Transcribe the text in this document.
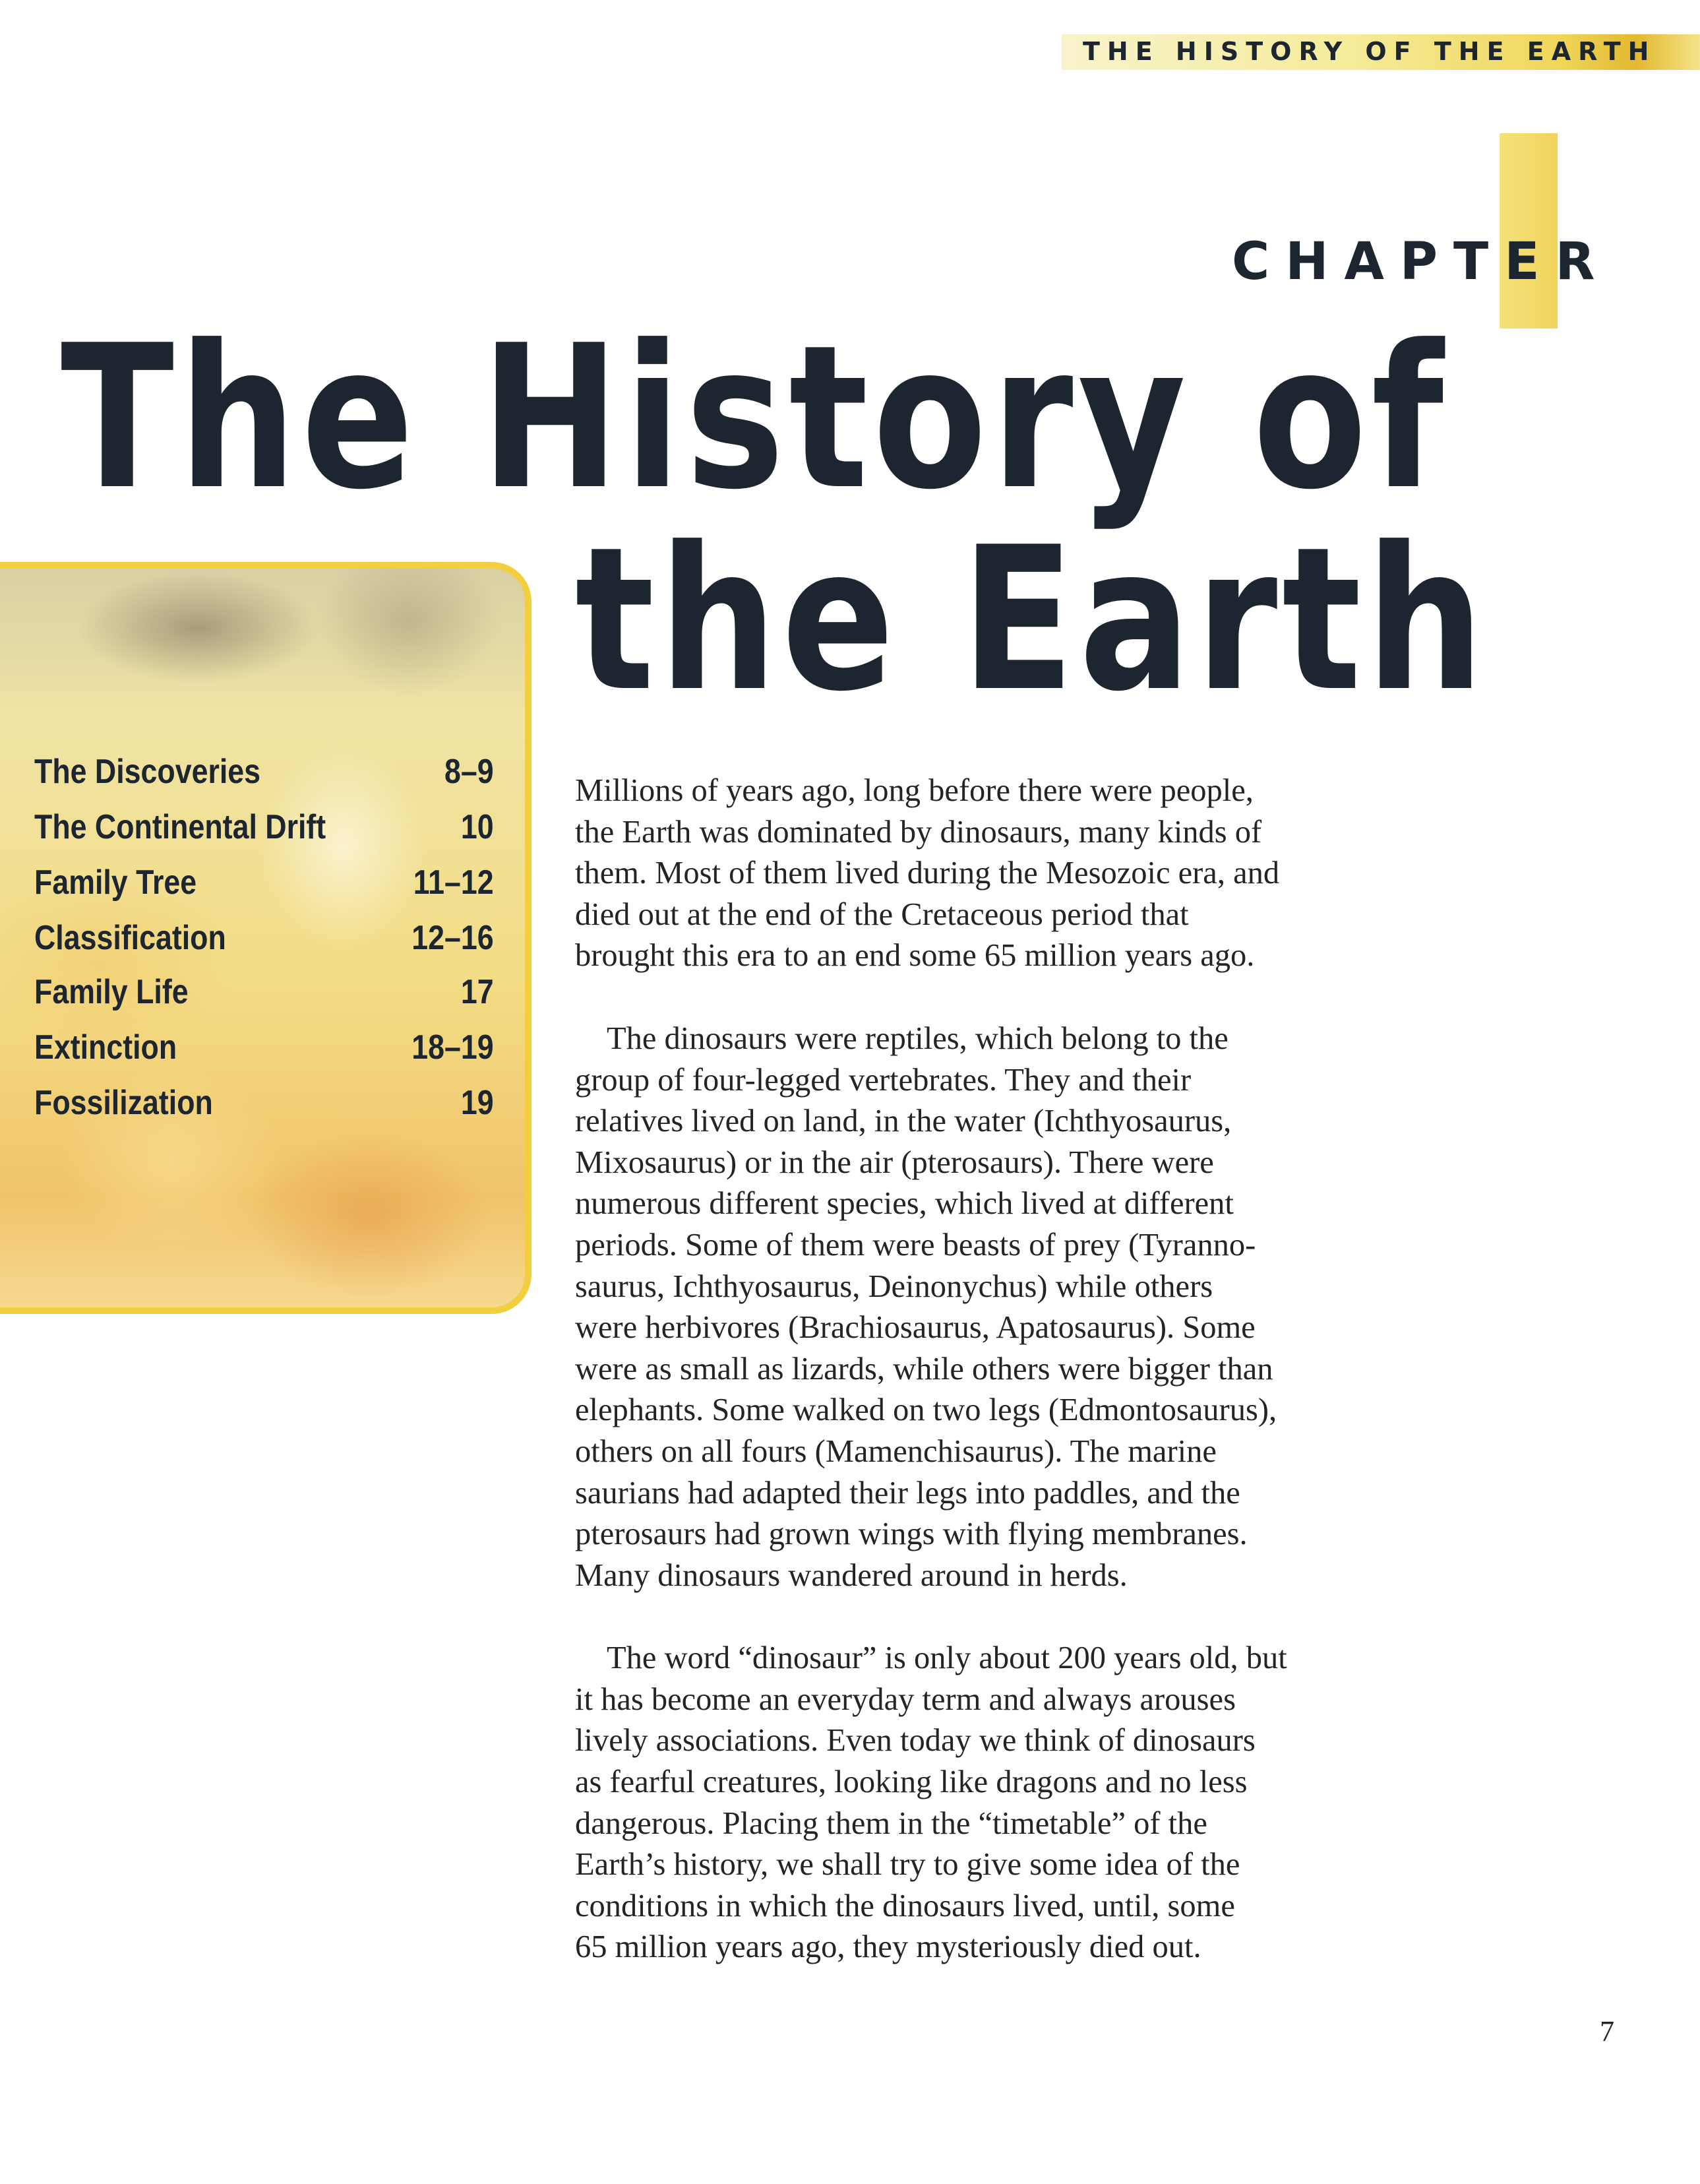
THE HISTORY OF THE EARTH
CHAPTER
The History of
the Earth
The Discoveries	8–9
The Continental Drift	10
Family Tree	11–12
Classification	12–16
Family Life	17
Extinction	18–19
Fossilization	19

Millions of years ago, long before there were people,
the Earth was dominated by dinosaurs, many kinds of
them. Most of them lived during the Mesozoic era, and
died out at the end of the Cretaceous period that
brought this era to an end some 65 million years ago.

The dinosaurs were reptiles, which belong to the
group of four-legged vertebrates. They and their
relatives lived on land, in the water (Ichthyosaurus,
Mixosaurus) or in the air (pterosaurs). There were
numerous different species, which lived at different
periods. Some of them were beasts of prey (Tyranno-
saurus, Ichthyosaurus, Deinonychus) while others
were herbivores (Brachiosaurus, Apatosaurus). Some
were as small as lizards, while others were bigger than
elephants. Some walked on two legs (Edmontosaurus),
others on all fours (Mamenchisaurus). The marine
saurians had adapted their legs into paddles, and the
pterosaurs had grown wings with flying membranes.
Many dinosaurs wandered around in herds.

The word “dinosaur” is only about 200 years old, but
it has become an everyday term and always arouses
lively associations. Even today we think of dinosaurs
as fearful creatures, looking like dragons and no less
dangerous. Placing them in the “timetable” of the
Earth’s history, we shall try to give some idea of the
conditions in which the dinosaurs lived, until, some
65 million years ago, they mysteriously died out.

7
